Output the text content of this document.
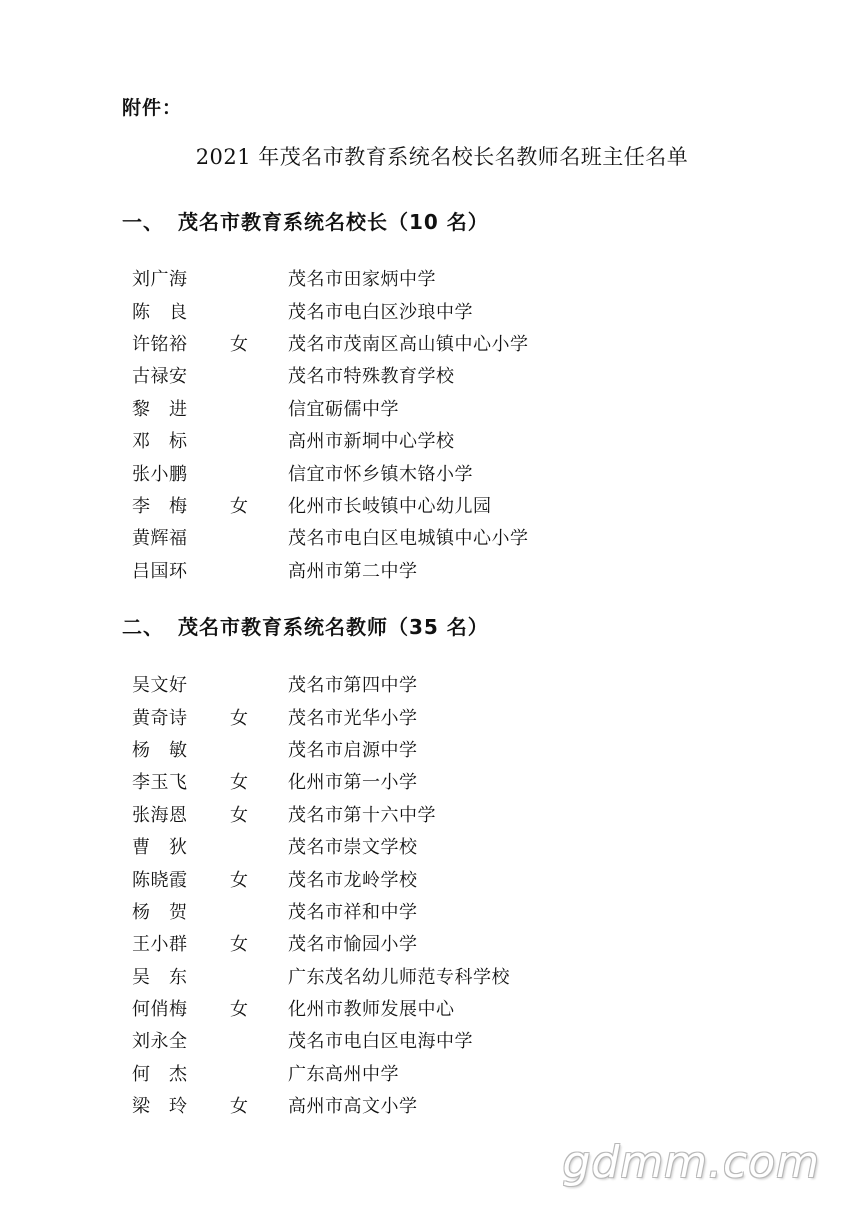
附件：
2021 年茂名市教育系统名校长名教师名班主任名单
一、 茂名市教育系统名校长（10 名）
刘广海	茂名市田家炳中学
陈　良	茂名市电白区沙琅中学
许铭裕	女	茂名市茂南区高山镇中心小学
古禄安	茂名市特殊教育学校
黎　进	信宜砺儒中学
邓　标	高州市新垌中心学校
张小鹏	信宜市怀乡镇木铬小学
李　梅	女	化州市长岐镇中心幼儿园
黄辉福	茂名市电白区电城镇中心小学
吕国环	高州市第二中学
二、 茂名市教育系统名教师（35 名）
吴文好	茂名市第四中学
黄奇诗	女	茂名市光华小学
杨　敏	茂名市启源中学
李玉飞	女	化州市第一小学
张海恩	女	茂名市第十六中学
曹　狄	茂名市崇文学校
陈晓霞	女	茂名市龙岭学校
杨　贺	茂名市祥和中学
王小群	女	茂名市愉园小学
吴　东	广东茂名幼儿师范专科学校
何俏梅	女	化州市教师发展中心
刘永全	茂名市电白区电海中学
何　杰	广东高州中学
梁　玲	女	高州市高文小学
gdmm.com
